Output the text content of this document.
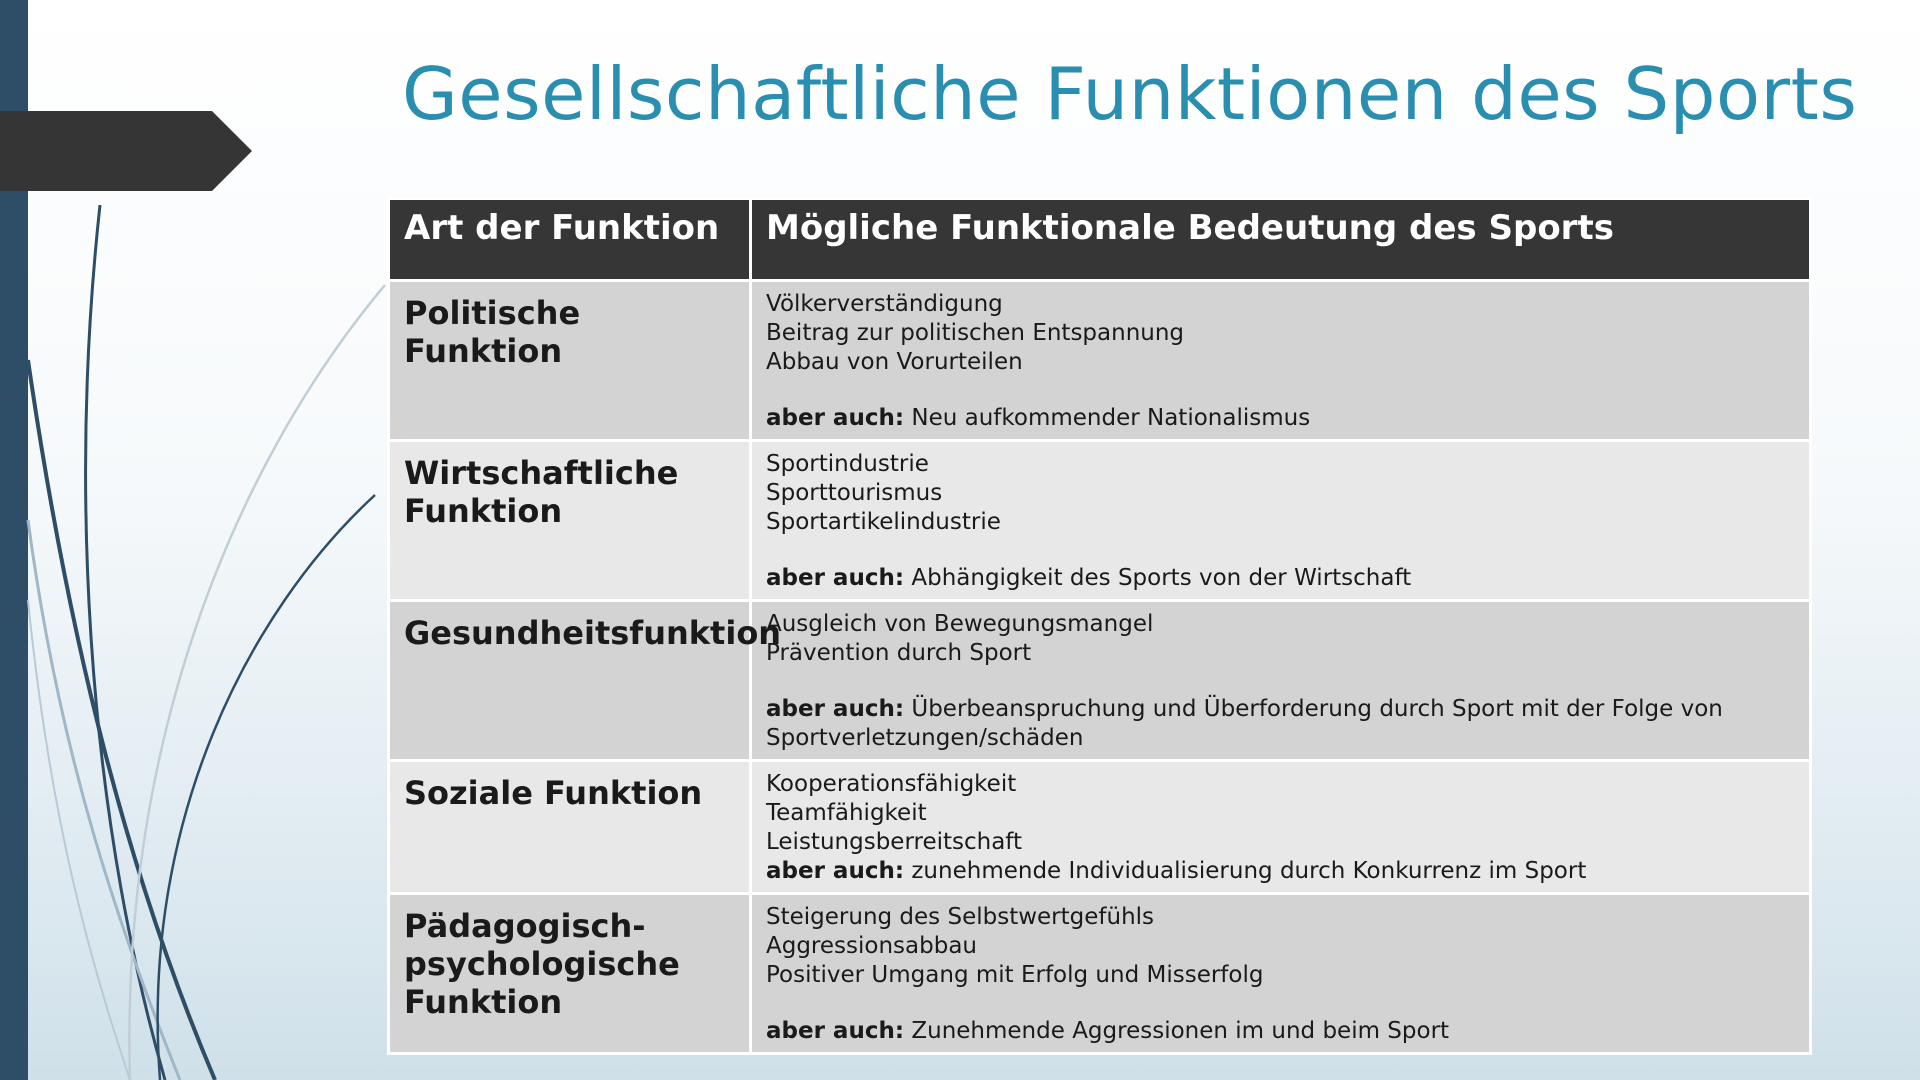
Gesellschaftliche Funktionen des Sports
Art der Funktion	Mögliche Funktionale Bedeutung des Sports
Politische Funktion	Völkerverständigung
Beitrag zur politischen Entspannung
Abbau von Vorurteilen
aber auch: Neu aufkommender Nationalismus

Wirtschaftliche Funktion	Sportindustrie
Sporttourismus
Sportartikelindustrie
aber auch: Abhängigkeit des Sports von der Wirtschaft

Gesundheitsfunktion	Ausgleich von Bewegungsmangel
Prävention durch Sport
aber auch: Überbeanspruchung und Überforderung durch Sport mit der Folge von Sportverletzungen/schäden

Soziale Funktion	Kooperationsfähigkeit
Teamfähigkeit
Leistungsberreitschaft
aber auch: zunehmende Individualisierung durch Konkurrenz im Sport

Pädagogisch-psychologische Funktion	Steigerung des Selbstwertgefühls
Aggressionsabbau
Positiver Umgang mit Erfolg und Misserfolg
aber auch: Zunehmende Aggressionen im und beim Sport
